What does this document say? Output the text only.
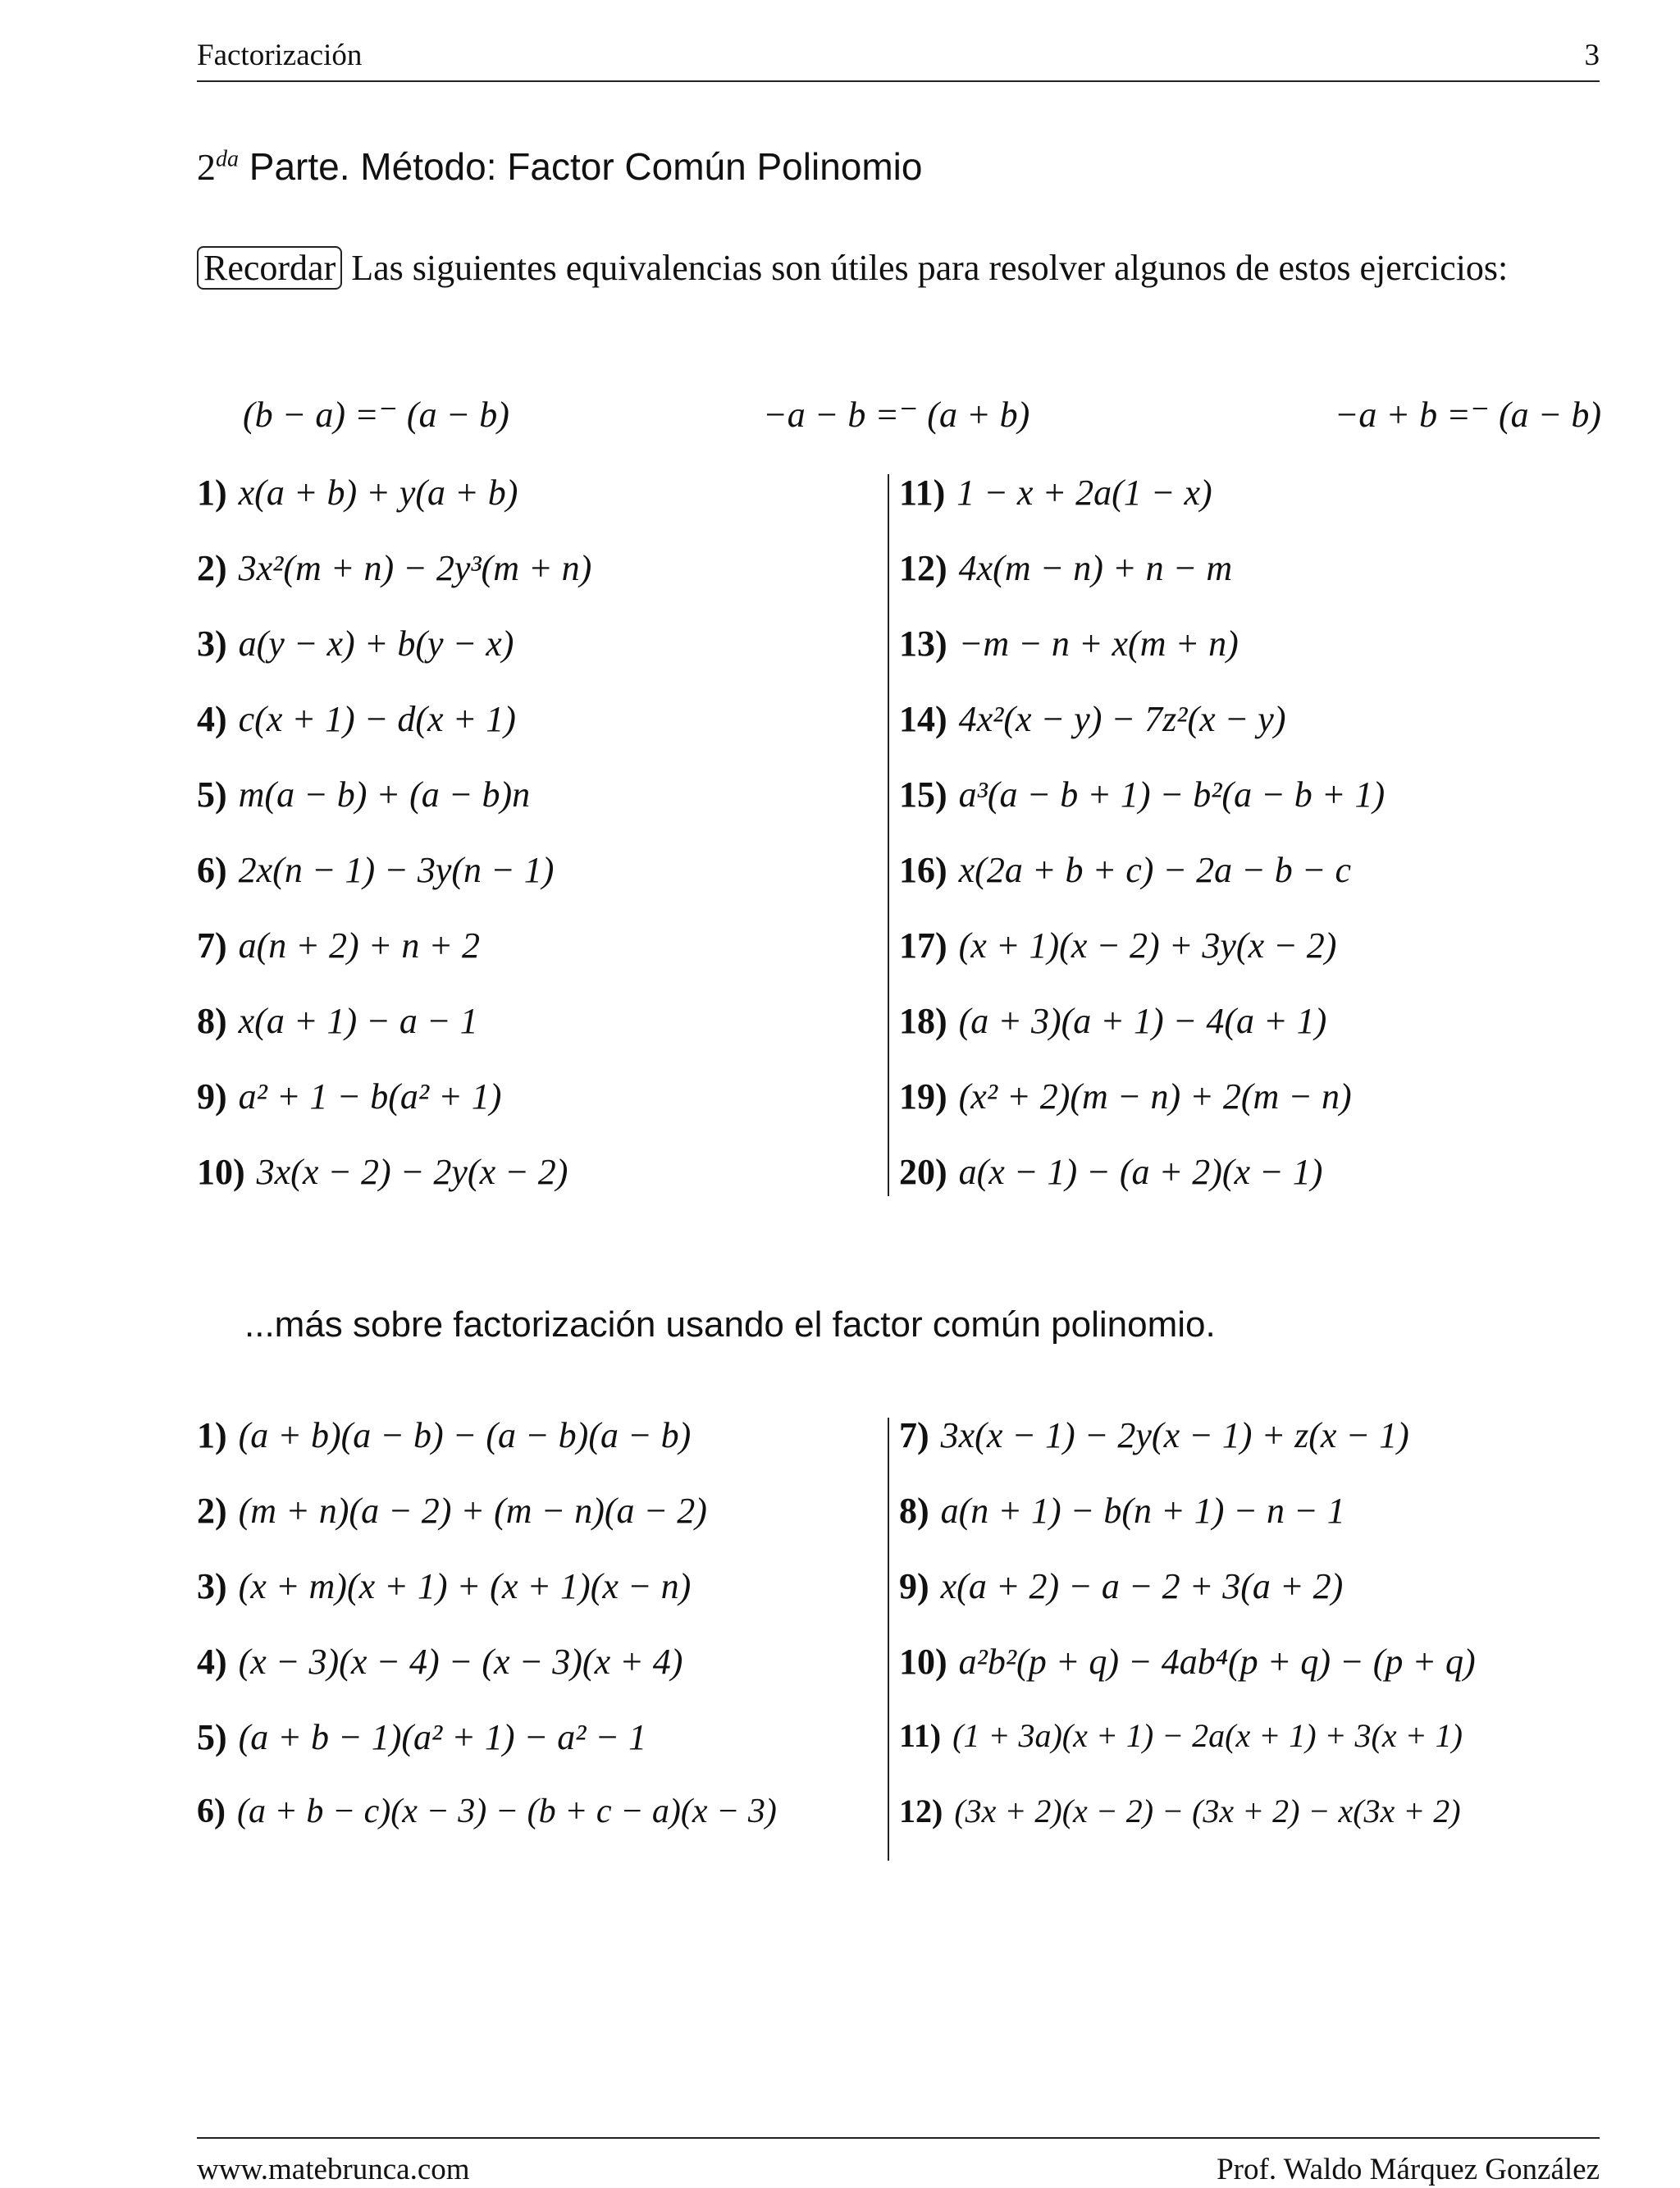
Factorización	3
$2^{da}$ Parte. Método: Factor Común Polinomio
Recordar Las siguientes equivalencias son útiles para resolver algunos de estos ejercicios:
(b − a) =⁻ (a − b)	−a − b =⁻ (a + b)	−a + b =⁻ (a − b)
1) x(a + b) + y(a + b)
2) 3x²(m + n) − 2y³(m + n)
3) a(y − x) + b(y − x)
4) c(x + 1) − d(x + 1)
5) m(a − b) + (a − b)n
6) 2x(n − 1) − 3y(n − 1)
7) a(n + 2) + n + 2
8) x(a + 1) − a − 1
9) a² + 1 − b(a² + 1)
10) 3x(x − 2) − 2y(x − 2)
11) 1 − x + 2a(1 − x)
12) 4x(m − n) + n − m
13) −m − n + x(m + n)
14) 4x²(x − y) − 7z²(x − y)
15) a³(a − b + 1) − b²(a − b + 1)
16) x(2a + b + c) − 2a − b − c
17) (x + 1)(x − 2) + 3y(x − 2)
18) (a + 3)(a + 1) − 4(a + 1)
19) (x² + 2)(m − n) + 2(m − n)
20) a(x − 1) − (a + 2)(x − 1)
...más sobre factorización usando el factor común polinomio.
1) (a + b)(a − b) − (a − b)(a − b)
2) (m + n)(a − 2) + (m − n)(a − 2)
3) (x + m)(x + 1) + (x + 1)(x − n)
4) (x − 3)(x − 4) − (x − 3)(x + 4)
5) (a + b − 1)(a² + 1) − a² − 1
6) (a + b − c)(x − 3) − (b + c − a)(x − 3)
7) 3x(x − 1) − 2y(x − 1) + z(x − 1)
8) a(n + 1) − b(n + 1) − n − 1
9) x(a + 2) − a − 2 + 3(a + 2)
10) a²b²(p + q) − 4ab⁴(p + q) − (p + q)
11) (1 + 3a)(x + 1) − 2a(x + 1) + 3(x + 1)
12) (3x + 2)(x − 2) − (3x + 2) − x(3x + 2)
www.matebrunca.com	Prof. Waldo Márquez González
